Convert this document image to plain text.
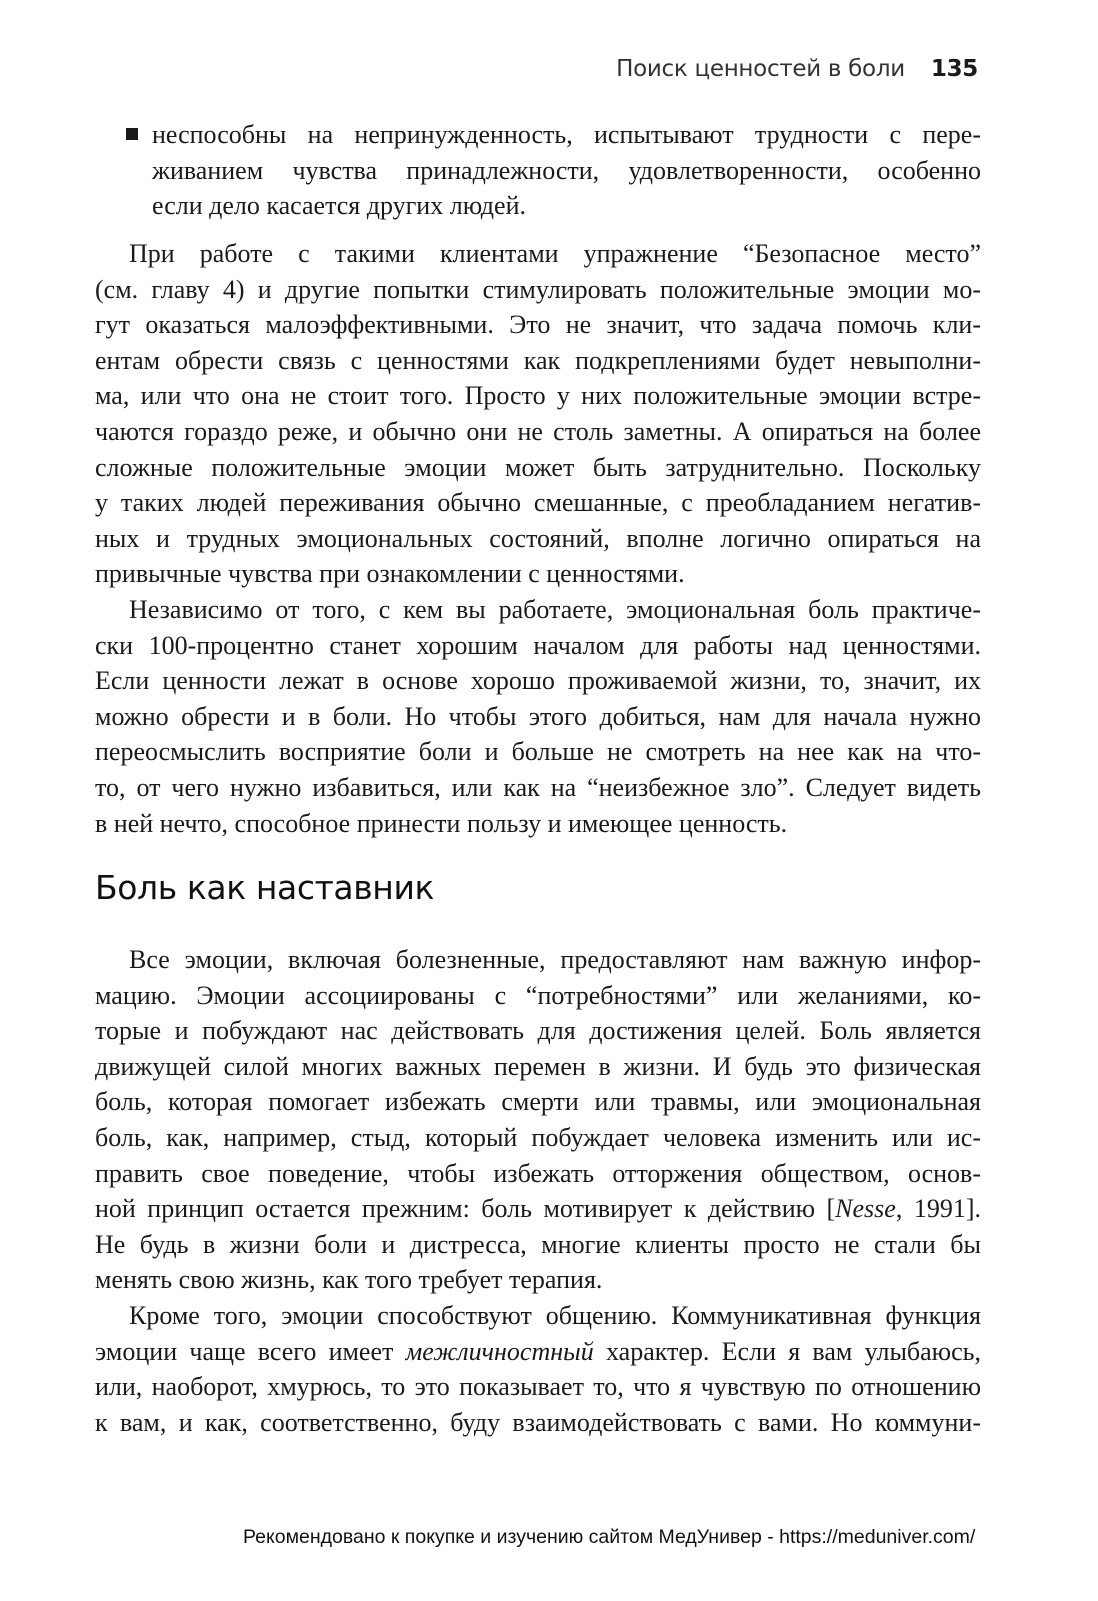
Поиск ценностей в боли 135
неспособны на непринужденность, испытывают трудности с пере-
живанием чувства принадлежности, удовлетворенности, особенно
если дело касается других людей.
При работе с такими клиентами упражнение “Безопасное место”
(см. главу 4) и другие попытки стимулировать положительные эмоции мо-
гут оказаться малоэффективными. Это не значит, что задача помочь кли-
ентам обрести связь с ценностями как подкреплениями будет невыполни-
ма, или что она не стоит того. Просто у них положительные эмоции встре-
чаются гораздо реже, и обычно они не столь заметны. А опираться на более
сложные положительные эмоции может быть затруднительно. Поскольку
у таких людей переживания обычно смешанные, с преобладанием негатив-
ных и трудных эмоциональных состояний, вполне логично опираться на
привычные чувства при ознакомлении с ценностями.
Независимо от того, с кем вы работаете, эмоциональная боль практиче-
ски 100-процентно станет хорошим началом для работы над ценностями.
Если ценности лежат в основе хорошо проживаемой жизни, то, значит, их
можно обрести и в боли. Но чтобы этого добиться, нам для начала нужно
переосмыслить восприятие боли и больше не смотреть на нее как на что-
то, от чего нужно избавиться, или как на “неизбежное зло”. Следует видеть
в ней нечто, способное принести пользу и имеющее ценность.
Боль как наставник
Все эмоции, включая болезненные, предоставляют нам важную инфор-
мацию. Эмоции ассоциированы с “потребностями” или желаниями, ко-
торые и побуждают нас действовать для достижения целей. Боль является
движущей силой многих важных перемен в жизни. И будь это физическая
боль, которая помогает избежать смерти или травмы, или эмоциональная
боль, как, например, стыд, который побуждает человека изменить или ис-
править свое поведение, чтобы избежать отторжения обществом, основ-
ной принцип остается прежним: боль мотивирует к действию [Nesse, 1991].
Не будь в жизни боли и дистресса, многие клиенты просто не стали бы
менять свою жизнь, как того требует терапия.
Кроме того, эмоции способствуют общению. Коммуникативная функция
эмоции чаще всего имеет межличностный характер. Если я вам улыбаюсь,
или, наоборот, хмурюсь, то это показывает то, что я чувствую по отношению
к вам, и как, соответственно, буду взаимодействовать с вами. Но коммуни-
Рекомендовано к покупке и изучению сайтом МедУнивер - https://meduniver.com/
